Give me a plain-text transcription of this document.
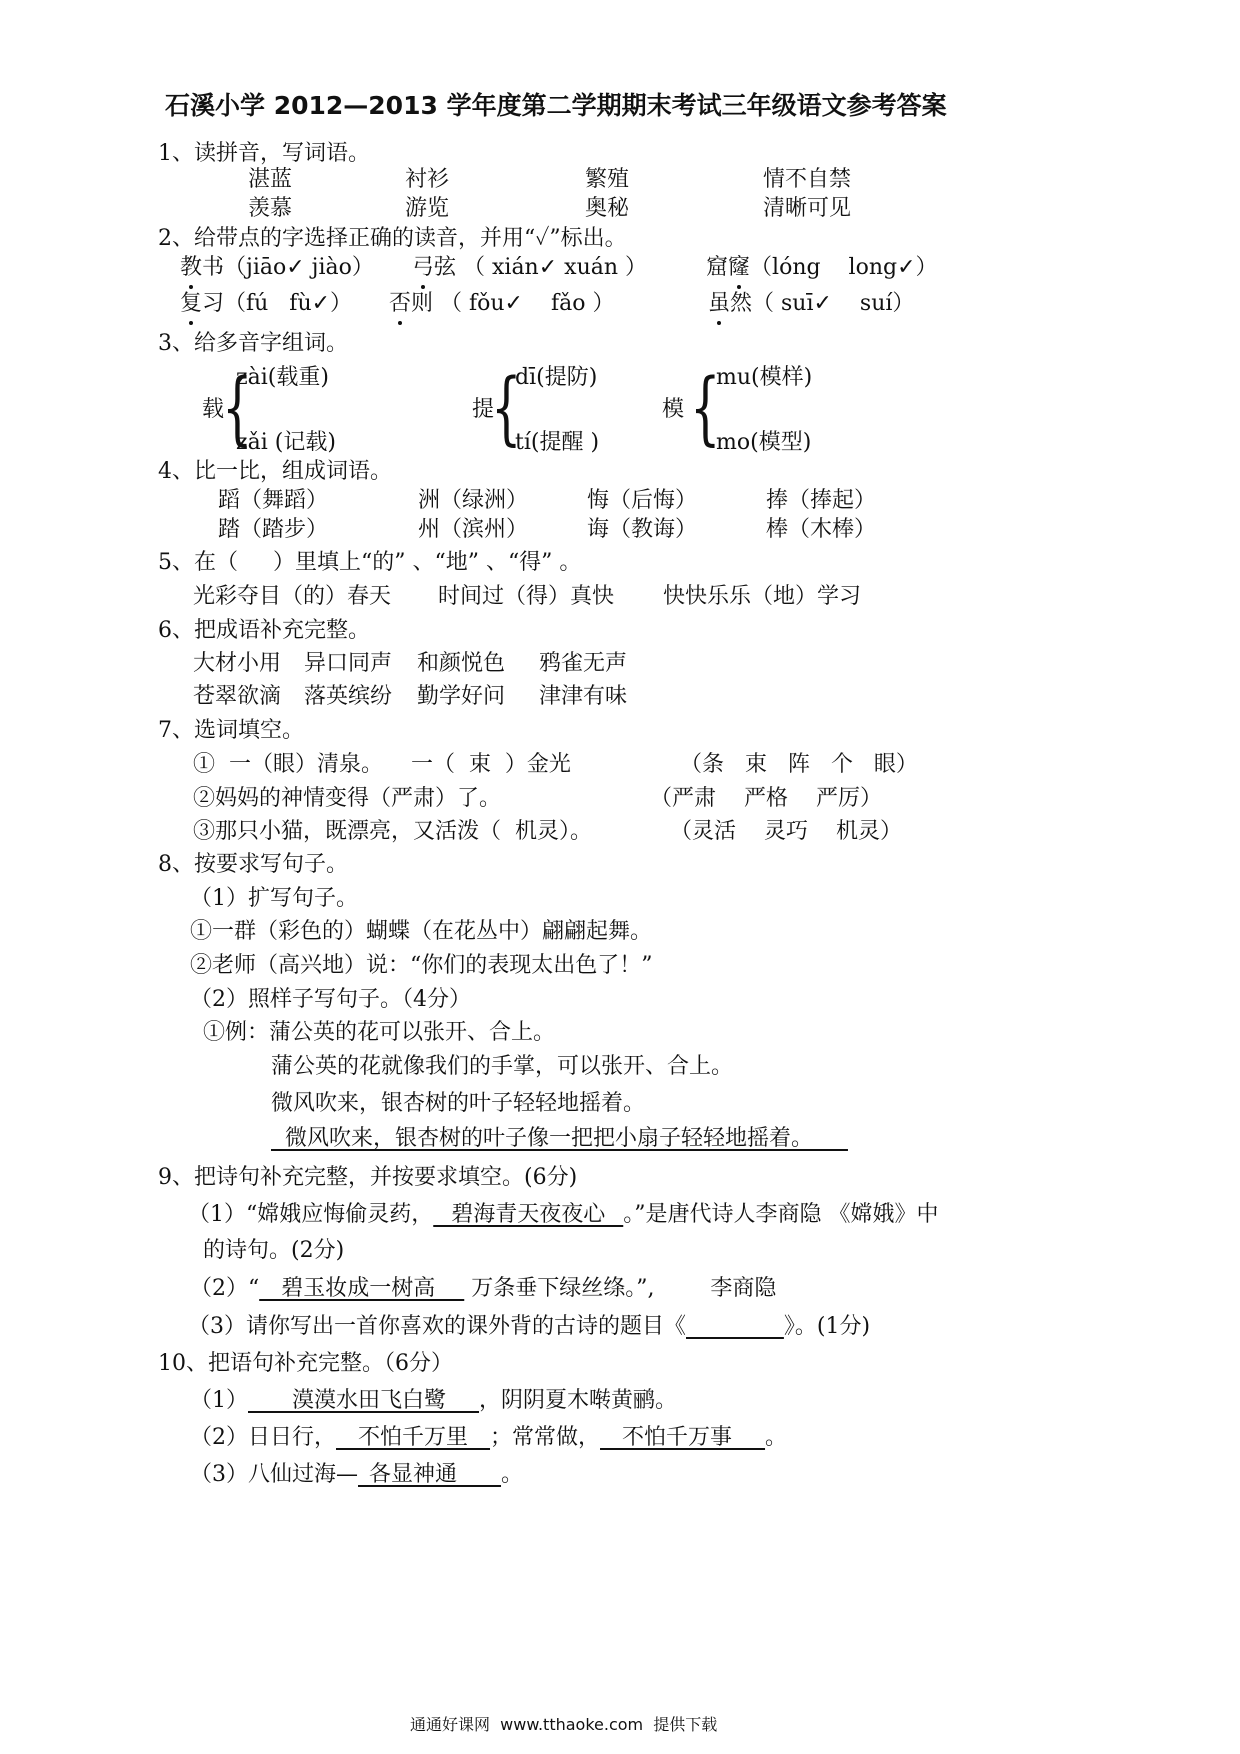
石溪小学 2012—2013 学年度第二学期期末考试三年级语文参考答案
1、读拼音，写词语。
湛蓝	衬衫	繁殖	情不自禁
羡慕	游览	奥秘	清晰可见
2、给带点的字选择正确的读音，并用“✓”标出。
教书（jiāo✓ jiào） 弓弦 （ xián✓ xuán ）	窟窿（lóng    long✓）
复习（fú   fù✓） 否则 （ fǒu✓    fǎo ）	虽然（ suī✓    suí）
3、给多音字组词。
载
{
zài(载重)
zǎi (记载)
提
{
dī(提防)
tí(提醒 )
模 {
mu(模样)
mo(模型)
4、比一比，组成词语。
蹈（舞蹈）	洲（绿洲）	悔（后悔）	捧（捧起）
踏（踏步）	州（滨州）	诲（教诲）	棒（木棒）
5、在（     ）里填上“的” 、“地” 、“得” 。
光彩夺目（的）春天 时间过（得）真快 快快乐乐（地）学习
6、把成语补充完整。
大材小用 异口同声 和颜悦色 鸦雀无声
苍翠欲滴 落英缤纷 勤学好问 津津有味
7、选词填空。
①  一（眼）清泉。    一（  束  ）金光	（条   束   阵   个   眼）
②妈妈的神情变得（严肃）了。	（严肃    严格    严厉）
③那只小猫，既漂亮，又活泼（  机灵）。	（灵活    灵巧    机灵）
8、按要求写句子。
（1）扩写句子。
①一群（彩色的）蝴蝶（在花丛中）翩翩起舞。
②老师（高兴地）说：“你们的表现太出色了！”
（2）照样子写句子。（4分）
①例：蒲公英的花可以张开、合上。
蒲公英的花就像我们的手掌，可以张开、合上。
微风吹来，银杏树的叶子轻轻地摇着。
微风吹来，银杏树的叶子像一把把小扇子轻轻地摇着。
9、把诗句补充完整，并按要求填空。(6分)
（1）“嫦娥应悔偷灵药， _碧海青天夜夜心_ 。”是唐代诗人李商隐 《嫦娥》中
的诗句。(2分)
（2）“__碧玉妆成一树高__  万条垂下绿丝绦。”,        李商隐
（3）请你写出一首你喜欢的课外背的古诗的题目《	》。(1分)
10、把语句补充完整。（6分）
（1）____漠漠水田飞白鹭___，阴阴夏木啭黄鹂。
（2）日日行，__不怕千万里__；常常做，__不怕千万事___。
（3）八仙过海—_各显神通____。
通通好课网  www.tthaoke.com  提供下载
